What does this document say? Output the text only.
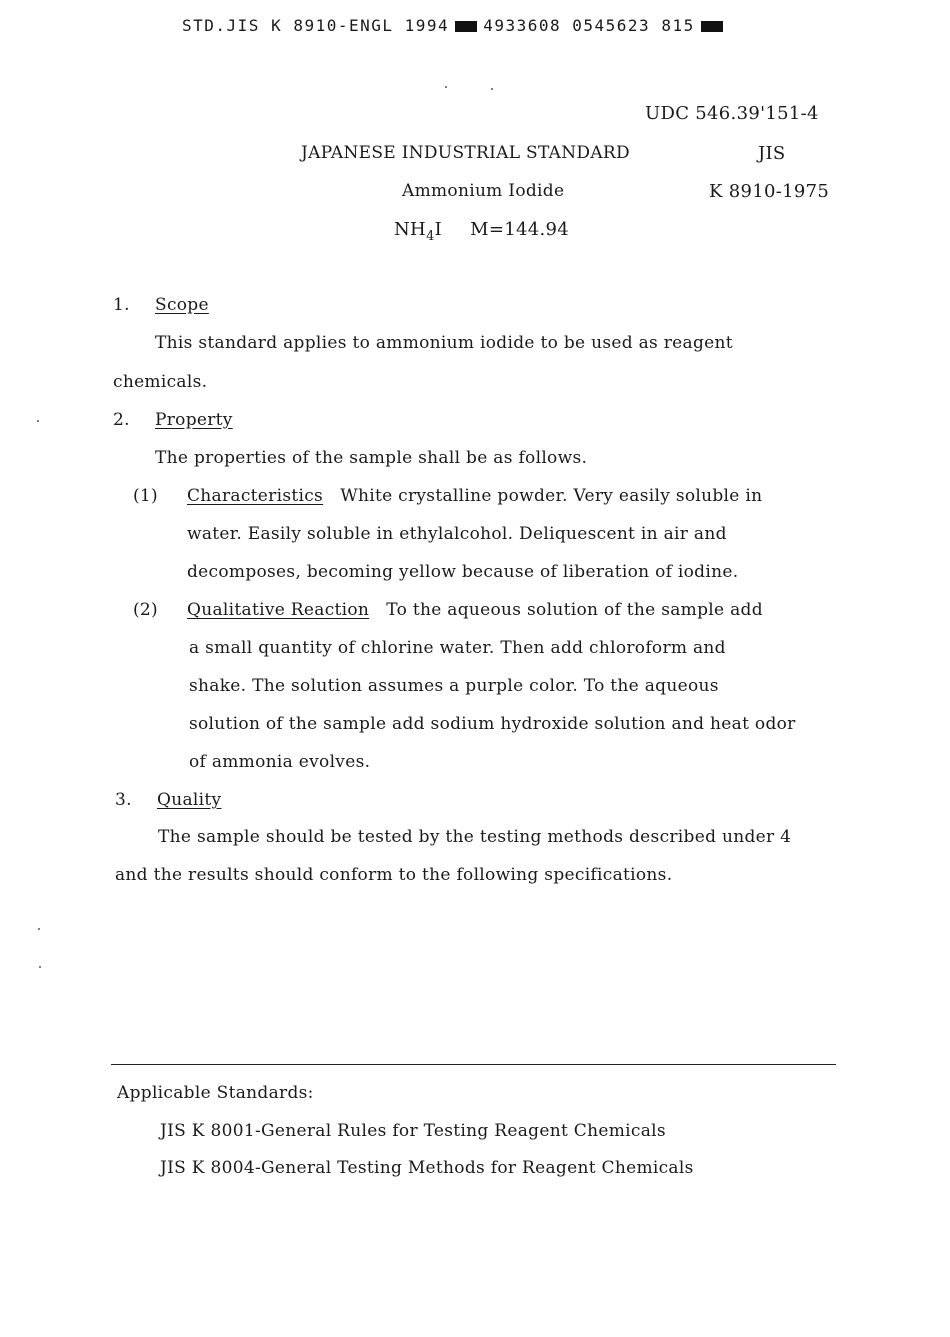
STD.JIS K 8910-ENGL 1994 4933608 0545623 815
UDC 546.39'151-4
JAPANESE INDUSTRIAL STANDARD	JIS
Ammonium Iodide	K 8910-1975
$NH_4I$ M=144.94
1. Scope
This standard applies to ammonium iodide to be used as reagent
chemicals.
2. Property
The properties of the sample shall be as follows.
(1) Characteristics White crystalline powder. Very easily soluble in
water. Easily soluble in ethylalcohol. Deliquescent in air and
decomposes, becoming yellow because of liberation of iodine.
(2) Qualitative Reaction To the aqueous solution of the sample add
a small quantity of chlorine water. Then add chloroform and
shake. The solution assumes a purple color. To the aqueous
solution of the sample add sodium hydroxide solution and heat odor
of ammonia evolves.
3. Quality
The sample should be tested by the testing methods described under 4
and the results should conform to the following specifications.
Applicable Standards:
JIS K 8001-General Rules for Testing Reagent Chemicals
JIS K 8004-General Testing Methods for Reagent Chemicals
